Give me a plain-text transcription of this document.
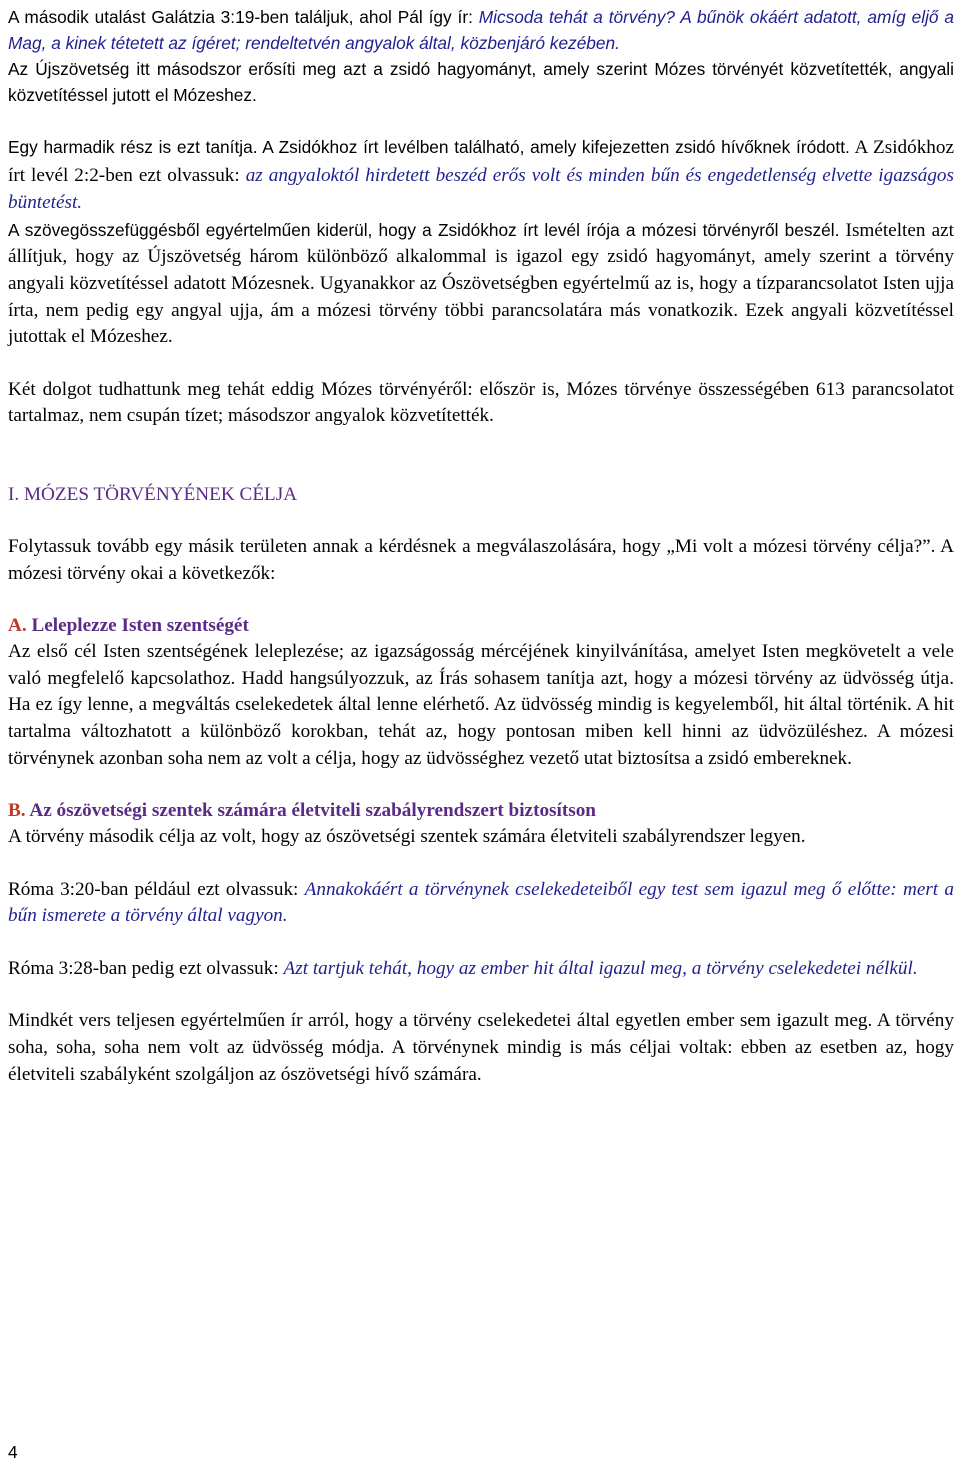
A második utalást Galátzia 3:19-ben találjuk, ahol Pál így ír: Micsoda tehát a törvény? A bűnök okáért adatott, amíg eljő a Mag, a kinek tétetett az ígéret; rendeltetvén angyalok által, közbenjáró kezében.

Az Újszövetség itt másodszor erősíti meg azt a zsidó hagyományt, amely szerint Mózes törvényét közvetítették, angyali közvetítéssel jutott el Mózeshez.

Egy harmadik rész is ezt tanítja. A Zsidókhoz írt levélben található, amely kifejezetten zsidó hívőknek íródott. A Zsidókhoz írt levél 2:2-ben ezt olvassuk: az angyaloktól hirdetett beszéd erős volt és minden bűn és engedetlenség elvette igazságos büntetést.

A szövegösszefüggésből egyértelműen kiderül, hogy a Zsidókhoz írt levél írója a mózesi törvényről beszél. Ismételten azt állítjuk, hogy az Újszövetség három különböző alkalommal is igazol egy zsidó hagyományt, amely szerint a törvény angyali közvetítéssel adatott Mózesnek. Ugyanakkor az Ószövetségben egyértelmű az is, hogy a tízparancsolatot Isten ujja írta, nem pedig egy angyal ujja, ám a mózesi törvény többi parancsolatára más vonatkozik. Ezek angyali közvetítéssel jutottak el Mózeshez.

Két dolgot tudhattunk meg tehát eddig Mózes törvényéről: először is, Mózes törvénye összességében 613 parancsolatot tartalmaz, nem csupán tízet; másodszor angyalok közvetítették.

I. MÓZES TÖRVÉNYÉNEK CÉLJA

Folytassuk tovább egy másik területen annak a kérdésnek a megválaszolására, hogy „Mi volt a mózesi törvény célja?”. A mózesi törvény okai a következők:

A. Leleplezze Isten szentségét

Az első cél Isten szentségének leleplezése; az igazságosság mércéjének kinyilvánítása, amelyet Isten megkövetelt a vele való megfelelő kapcsolathoz. Hadd hangsúlyozzuk, az Írás sohasem tanítja azt, hogy a mózesi törvény az üdvösség útja. Ha ez így lenne, a megváltás cselekedetek által lenne elérhető. Az üdvösség mindig is kegyelemből, hit által történik. A hit tartalma változhatott a különböző korokban, tehát az, hogy pontosan miben kell hinni az üdvözüléshez. A mózesi törvénynek azonban soha nem az volt a célja, hogy az üdvösséghez vezető utat biztosítsa a zsidó embereknek.

B. Az ószövetségi szentek számára életviteli szabályrendszert biztosítson

A törvény második célja az volt, hogy az ószövetségi szentek számára életviteli szabályrendszer legyen.

Róma 3:20-ban például ezt olvassuk: Annakokáért a törvénynek cselekedeteiből egy test sem igazul meg ő előtte: mert a bűn ismerete a törvény által vagyon.

Róma 3:28-ban pedig ezt olvassuk: Azt tartjuk tehát, hogy az ember hit által igazul meg, a törvény cselekedetei nélkül.

Mindkét vers teljesen egyértelműen ír arról, hogy a törvény cselekedetei által egyetlen ember sem igazult meg. A törvény soha, soha, soha nem volt az üdvösség módja. A törvénynek mindig is más céljai voltak: ebben az esetben az, hogy életviteli szabályként szolgáljon az ószövetségi hívő számára.

4
